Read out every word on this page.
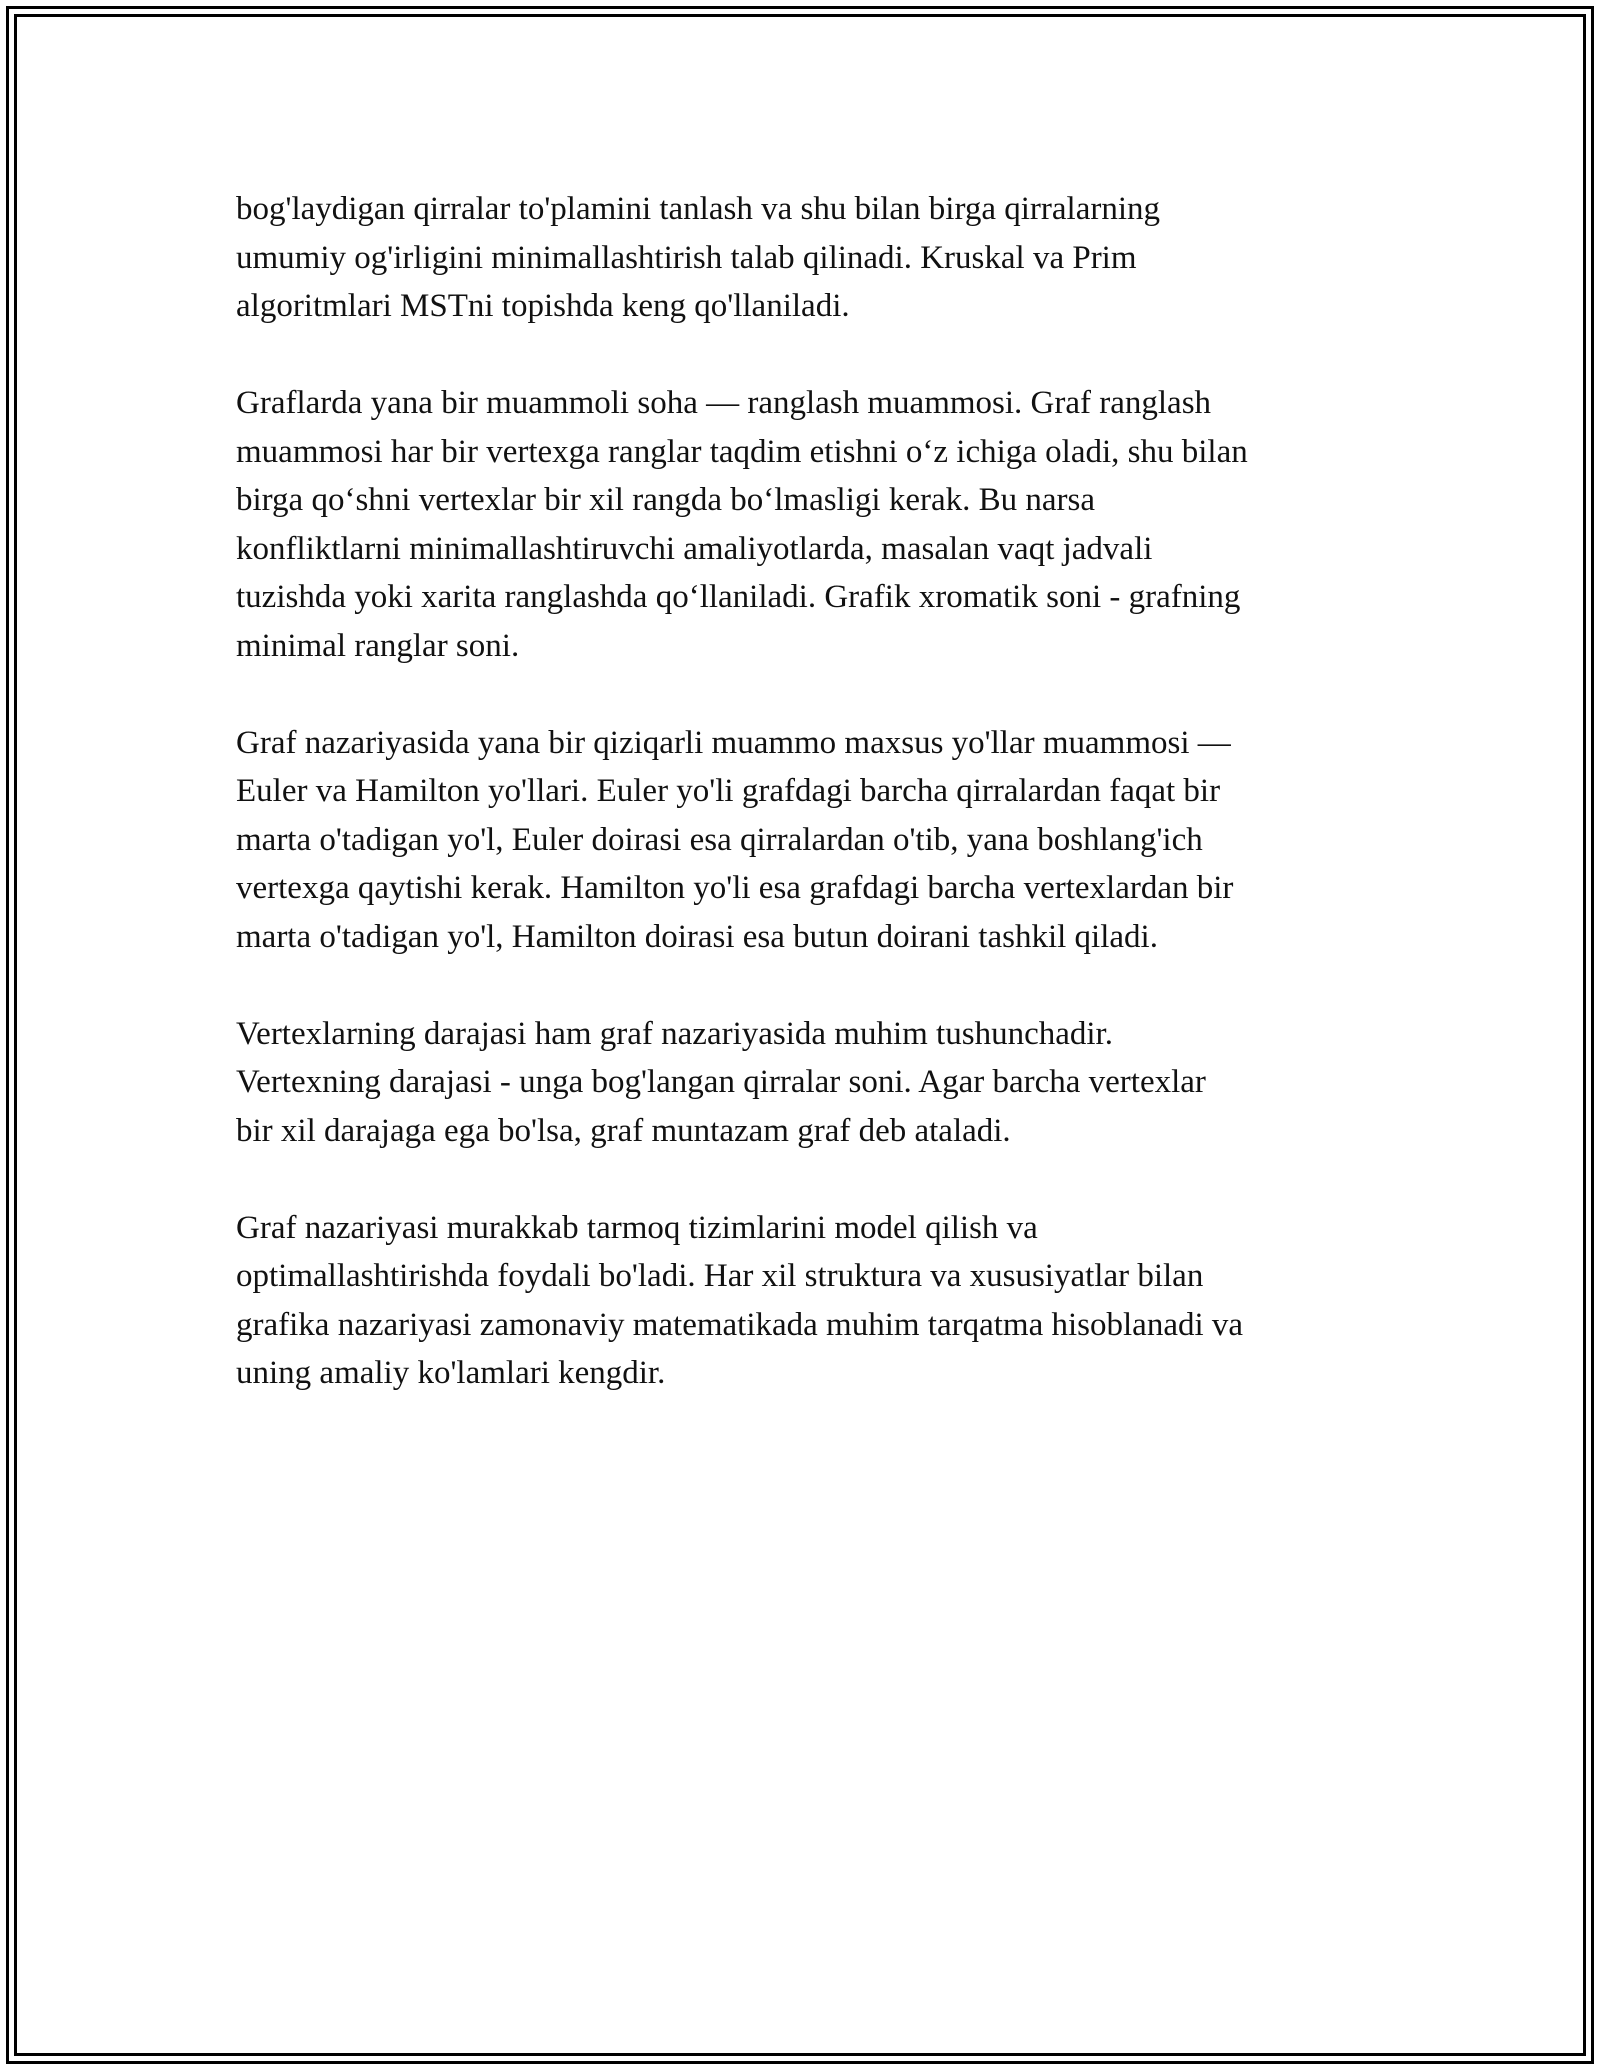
bog'laydigan qirralar to'plamini tanlash va shu bilan birga qirralarning
umumiy og'irligini minimallashtirish talab qilinadi. Kruskal va Prim
algoritmlari MSTni topishda keng qo'llaniladi.

Graflarda yana bir muammoli soha — ranglash muammosi. Graf ranglash
muammosi har bir vertexga ranglar taqdim etishni oʻz ichiga oladi, shu bilan
birga qoʻshni vertexlar bir xil rangda boʻlmasligi kerak. Bu narsa
konfliktlarni minimallashtiruvchi amaliyotlarda, masalan vaqt jadvali
tuzishda yoki xarita ranglashda qoʻllaniladi. Grafik xromatik soni - grafning
minimal ranglar soni.

Graf nazariyasida yana bir qiziqarli muammo maxsus yo'llar muammosi —
Euler va Hamilton yo'llari. Euler yo'li grafdagi barcha qirralardan faqat bir
marta o'tadigan yo'l, Euler doirasi esa qirralardan o'tib, yana boshlang'ich
vertexga qaytishi kerak. Hamilton yo'li esa grafdagi barcha vertexlardan bir
marta o'tadigan yo'l, Hamilton doirasi esa butun doirani tashkil qiladi.

Vertexlarning darajasi ham graf nazariyasida muhim tushunchadir.
Vertexning darajasi - unga bog'langan qirralar soni. Agar barcha vertexlar
bir xil darajaga ega bo'lsa, graf muntazam graf deb ataladi.

Graf nazariyasi murakkab tarmoq tizimlarini model qilish va
optimallashtirishda foydali bo'ladi. Har xil struktura va xususiyatlar bilan
grafika nazariyasi zamonaviy matematikada muhim tarqatma hisoblanadi va
uning amaliy ko'lamlari kengdir.
